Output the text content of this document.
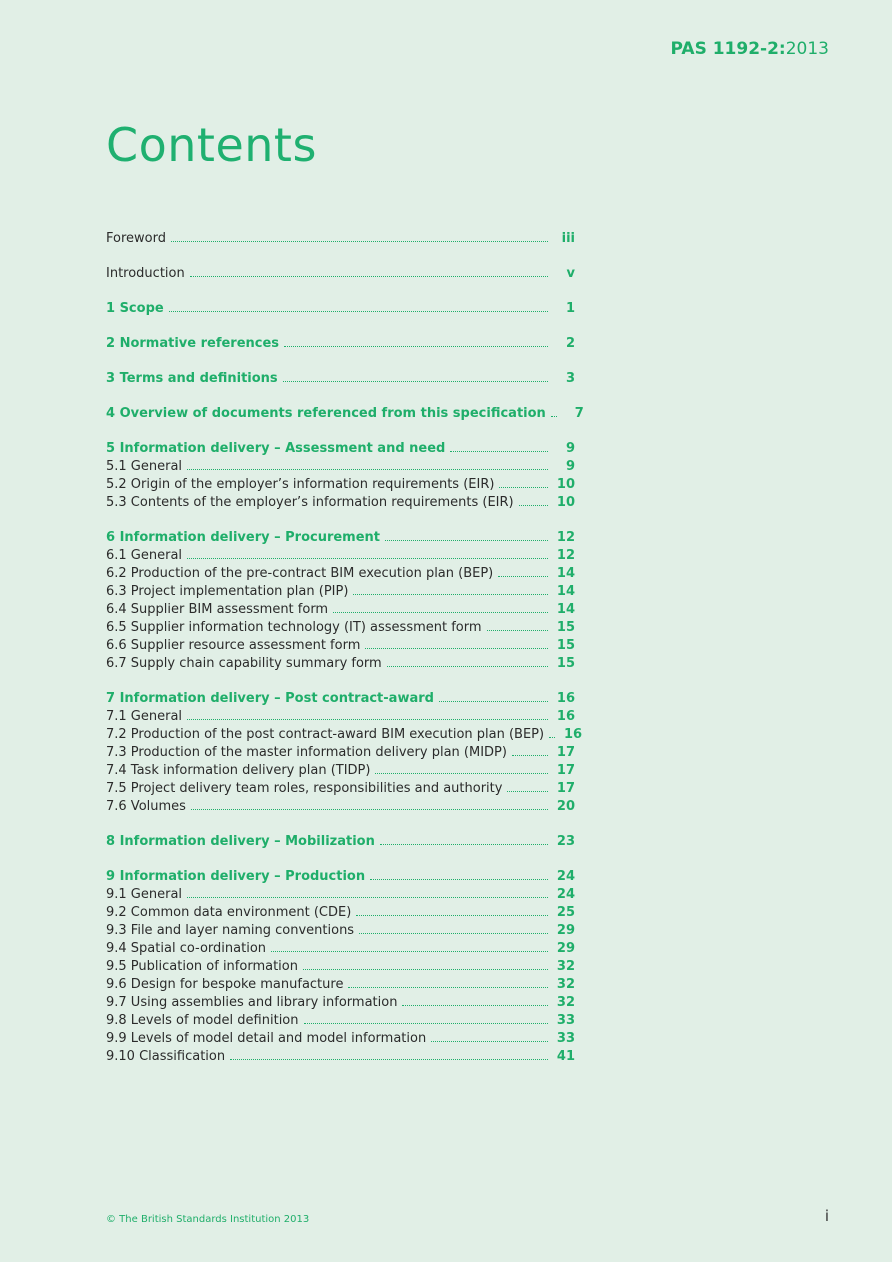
PAS 1192-2:2013
Contents
Foreword	iii
Introduction	v
1 Scope	1
2 Normative references	2
3 Terms and definitions	3
4 Overview of documents referenced from this specification	7
5 Information delivery – Assessment and need	9
5.1 General	9
5.2 Origin of the employer’s information requirements (EIR)	10
5.3 Contents of the employer’s information requirements (EIR)	10
6 Information delivery – Procurement	12
6.1 General	12
6.2 Production of the pre-contract BIM execution plan (BEP)	14
6.3 Project implementation plan (PIP)	14
6.4 Supplier BIM assessment form	14
6.5 Supplier information technology (IT) assessment form	15
6.6 Supplier resource assessment form	15
6.7 Supply chain capability summary form	15
7 Information delivery – Post contract-award	16
7.1 General	16
7.2 Production of the post contract-award BIM execution plan (BEP)	16
7.3 Production of the master information delivery plan (MIDP)	17
7.4 Task information delivery plan (TIDP)	17
7.5 Project delivery team roles, responsibilities and authority	17
7.6 Volumes	20
8 Information delivery – Mobilization	23
9 Information delivery – Production	24
9.1 General	24
9.2 Common data environment (CDE)	25
9.3 File and layer naming conventions	29
9.4 Spatial co-ordination	29
9.5 Publication of information	32
9.6 Design for bespoke manufacture	32
9.7 Using assemblies and library information	32
9.8 Levels of model definition	33
9.9 Levels of model detail and model information	33
9.10 Classification	41
© The British Standards Institution 2013	i
